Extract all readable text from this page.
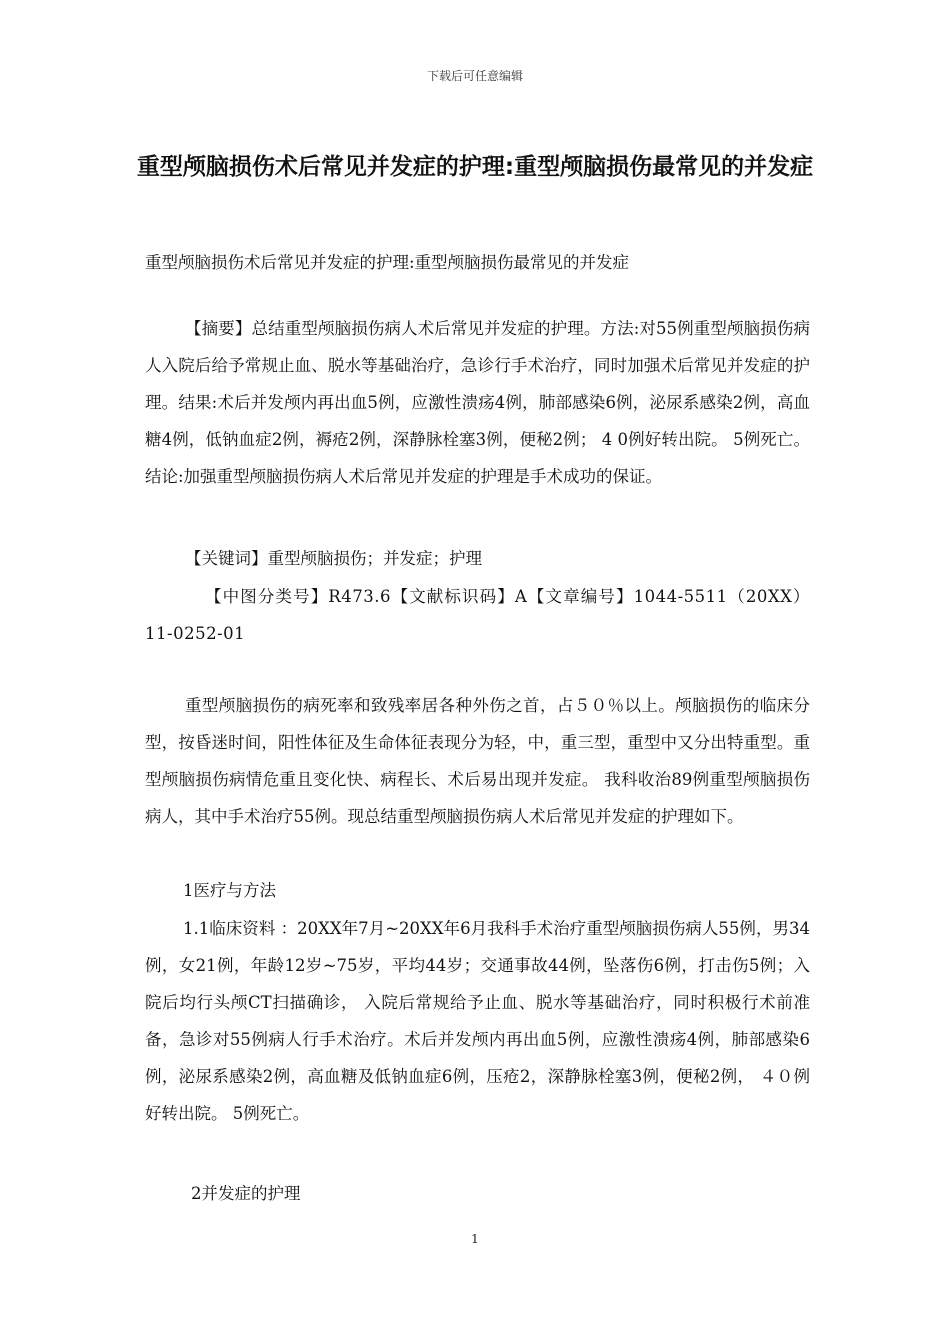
下载后可任意编辑
重型颅脑损伤术后常见并发症的护理:重型颅脑损伤最常见的并发症

重型颅脑损伤术后常见并发症的护理:重型颅脑损伤最常见的并发症

【摘要】总结重型颅脑损伤病人术后常见并发症的护理。方法:对55例重型颅脑损伤病人入院后给予常规止血、脱水等基础治疗，急诊行手术治疗，同时加强术后常见并发症的护理。结果:术后并发颅内再出血5例，应激性溃疡4例，肺部感染6例，泌尿系感染2例，高血糖4例，低钠血症2例，褥疮2例，深静脉栓塞3例，便秘2例； 4 0例好转出院。 5例死亡。结论:加强重型颅脑损伤病人术后常见并发症的护理是手术成功的保证。

【关键词】重型颅脑损伤；并发症；护理

【中图分类号】R473.6【文献标识码】A【文章编号】1044-5511（20XX）11-0252-01

重型颅脑损伤的病死率和致残率居各种外伤之首，占５０％以上。颅脑损伤的临床分型，按昏迷时间，阳性体征及生命体征表现分为轻，中，重三型，重型中又分出特重型。重型颅脑损伤病情危重且变化快、病程长、术后易出现并发症。 我科收治89例重型颅脑损伤病人，其中手术治疗55例。现总结重型颅脑损伤病人术后常见并发症的护理如下。

1医疗与方法

1.1临床资料 ：20XX年7月~20XX年6月我科手术治疗重型颅脑损伤病人55例，男34例，女21例，年龄12岁~75岁，平均44岁；交通事故44例，坠落伤6例，打击伤5例；入院后均行头颅CT扫描确诊， 入院后常规给予止血、脱水等基础治疗，同时积极行术前准备，急诊对55例病人行手术治疗。术后并发颅内再出血5例，应激性溃疡4例，肺部感染6例，泌尿系感染2例，高血糖及低钠血症6例，压疮2，深静脉栓塞3例，便秘2例， ４０例好转出院。 5例死亡。

2并发症的护理

1
